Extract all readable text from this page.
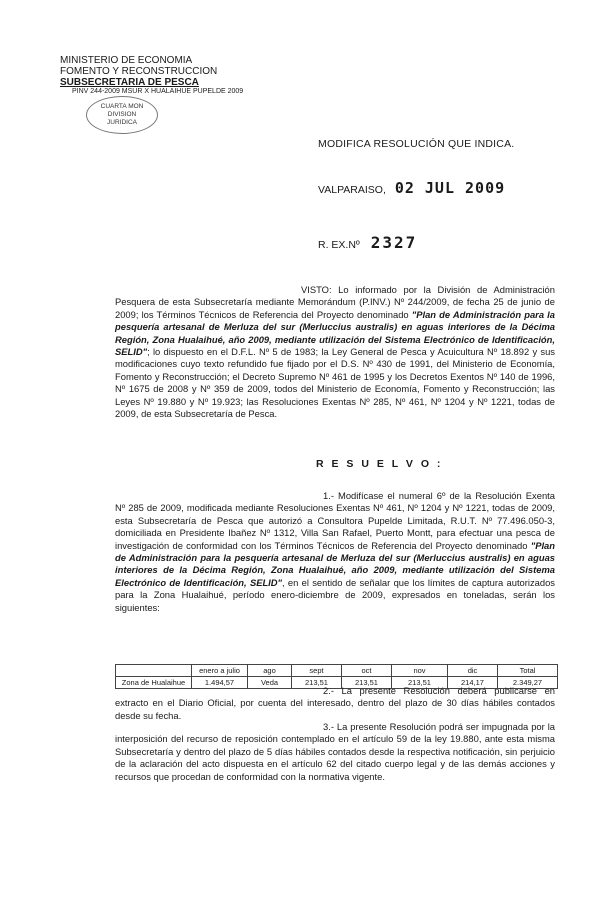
MINISTERIO DE ECONOMIA
FOMENTO Y RECONSTRUCCION
SUBSECRETARIA DE PESCA
PINV 244-2009 MSUR X HUALAIHUE PUPELDE 2009
CUARTA MON
DIVISION
JURIDICA
MODIFICA RESOLUCIÓN QUE INDICA.
VALPARAISO, 02 JUL 2009
R. EX.Nº 2327

VISTO: Lo informado por la División de Administración Pesquera de esta Subsecretaría mediante Memorándum (P.INV.) Nº 244/2009, de fecha 25 de junio de 2009; los Términos Técnicos de Referencia del Proyecto denominado "Plan de Administración para la pesquería artesanal de Merluza del sur (Merluccius australis) en aguas interiores de la Décima Región, Zona Hualaihué, año 2009, mediante utilización del Sistema Electrónico de Identificación, SELID"; lo dispuesto en el D.F.L. Nº 5 de 1983; la Ley General de Pesca y Acuicultura Nº 18.892 y sus modificaciones cuyo texto refundido fue fijado por el D.S. Nº 430 de 1991, del Ministerio de Economía, Fomento y Reconstrucción; el Decreto Supremo Nº 461 de 1995 y los Decretos Exentos Nº 140 de 1996, Nº 1675 de 2008 y Nº 359 de 2009, todos del Ministerio de Economía, Fomento y Reconstrucción; las Leyes Nº 19.880 y Nº 19.923; las Resoluciones Exentas Nº 285, Nº 461, Nº 1204 y Nº 1221, todas de 2009, de esta Subsecretaría de Pesca.

R E S U E L V O :

1.- Modifícase el numeral 6º de la Resolución Exenta Nº 285 de 2009, modificada mediante Resoluciones Exentas Nº 461, Nº 1204 y Nº 1221, todas de 2009, esta Subsecretaría de Pesca que autorizó a Consultora Pupelde Limitada, R.U.T. Nº 77.496.050-3, domiciliada en Presidente Ibañez Nº 1312, Villa San Rafael, Puerto Montt, para efectuar una pesca de investigación de conformidad con los Términos Técnicos de Referencia del Proyecto denominado "Plan de Administración para la pesquería artesanal de Merluza del sur (Merluccius australis) en aguas interiores de la Décima Región, Zona Hualaihué, año 2009, mediante utilización del Sistema Electrónico de Identificación, SELID", en el sentido de señalar que los límites de captura autorizados para la Zona Hualaihué, período enero-diciembre de 2009, expresados en toneladas, serán los siguientes:

	enero a julio	ago	sept	oct	nov	dic	Total
Zona de Hualaihue	1.494,57	Veda	213,51	213,51	213,51	214,17	2.349,27

2.- La presente Resolución deberá publicarse en extracto en el Diario Oficial, por cuenta del interesado, dentro del plazo de 30 días hábiles contados desde su fecha.

3.- La presente Resolución podrá ser impugnada por la interposición del recurso de reposición contemplado en el artículo 59 de la ley 19.880, ante esta misma Subsecretaría y dentro del plazo de 5 días hábiles contados desde la respectiva notificación, sin perjuicio de la aclaración del acto dispuesta en el artículo 62 del citado cuerpo legal y de las demás acciones y recursos que procedan de conformidad con la normativa vigente.
